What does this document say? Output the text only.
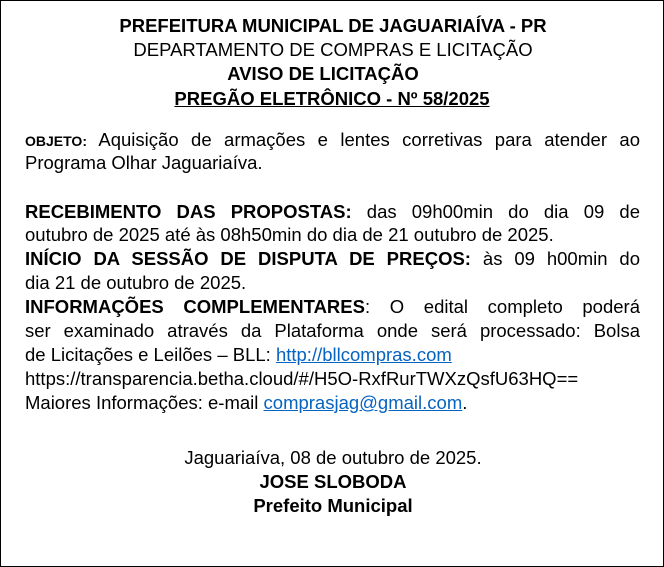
PREFEITURA MUNICIPAL DE JAGUARIAÍVA - PR
DEPARTAMENTO DE COMPRAS E LICITAÇÃO
AVISO DE LICITAÇÃO
PREGÃO ELETRÔNICO - Nº 58/2025
OBJETO: Aquisição de armações e lentes corretivas para atender ao
Programa Olhar Jaguariaíva.
RECEBIMENTO DAS PROPOSTAS: das 09h00min do dia 09 de
outubro de 2025 até às 08h50min do dia de 21 outubro de 2025.
INÍCIO DA SESSÃO DE DISPUTA DE PREÇOS: às 09 h00min do
dia 21 de outubro de 2025.
INFORMAÇÕES COMPLEMENTARES: O edital completo poderá
ser examinado através da Plataforma onde será processado: Bolsa
de Licitações e Leilões – BLL: http://bllcompras.com
https://transparencia.betha.cloud/#/H5O-RxfRurTWXzQsfU63HQ==
Maiores Informações: e-mail comprasjag@gmail.com.
Jaguariaíva, 08 de outubro de 2025.
JOSE SLOBODA
Prefeito Municipal
